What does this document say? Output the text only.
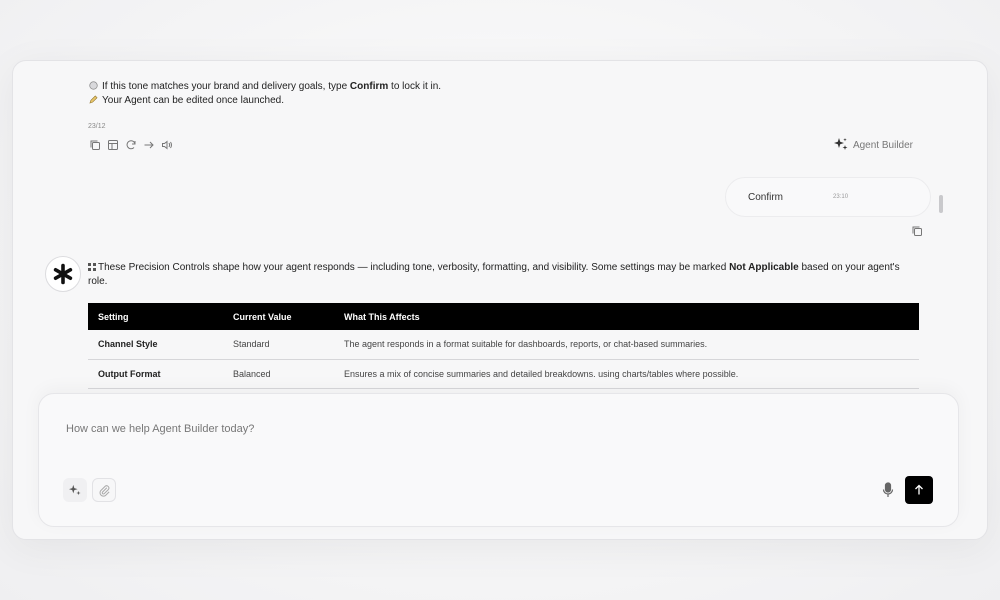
If this tone matches your brand and delivery goals, type Confirm to lock it in.
Your Agent can be edited once launched.
23/12
Agent Builder
Confirm	23:10
These Precision Controls shape how your agent responds — including tone, verbosity, formatting, and visibility. Some settings may be marked Not Applicable based on your agent's role.
Setting	Current Value	What This Affects
Channel Style	Standard	The agent responds in a format suitable for dashboards, reports, or chat-based summaries.
Output Format	Balanced	Ensures a mix of concise summaries and detailed breakdowns. using charts/tables where possible.
How can we help Agent Builder today?
